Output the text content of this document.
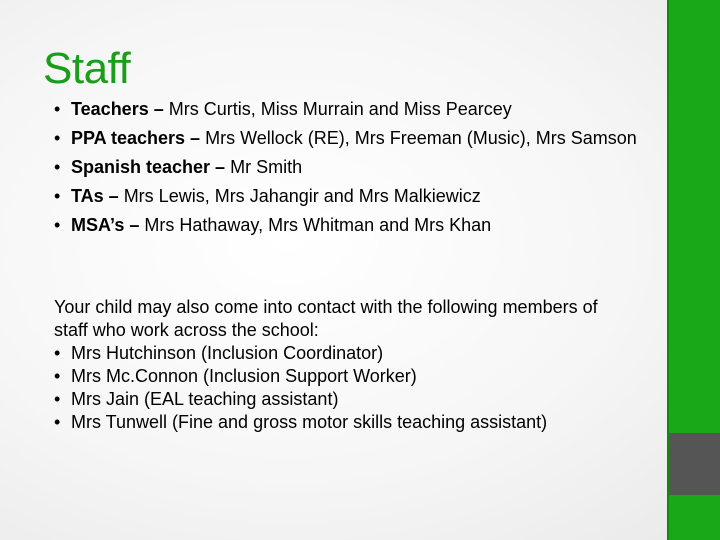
Staff
• Teachers – Mrs Curtis, Miss Murrain and Miss Pearcey
• PPA teachers – Mrs Wellock (RE), Mrs Freeman (Music), Mrs Samson
• Spanish teacher – Mr Smith
• TAs – Mrs Lewis, Mrs Jahangir and Mrs Malkiewicz
• MSA’s – Mrs Hathaway, Mrs Whitman and Mrs Khan

Your child may also come into contact with the following members of staff who work across the school:

• Mrs Hutchinson (Inclusion Coordinator)
• Mrs Mc.Connon (Inclusion Support Worker)
• Mrs Jain (EAL teaching assistant)
• Mrs Tunwell (Fine and gross motor skills teaching assistant)
